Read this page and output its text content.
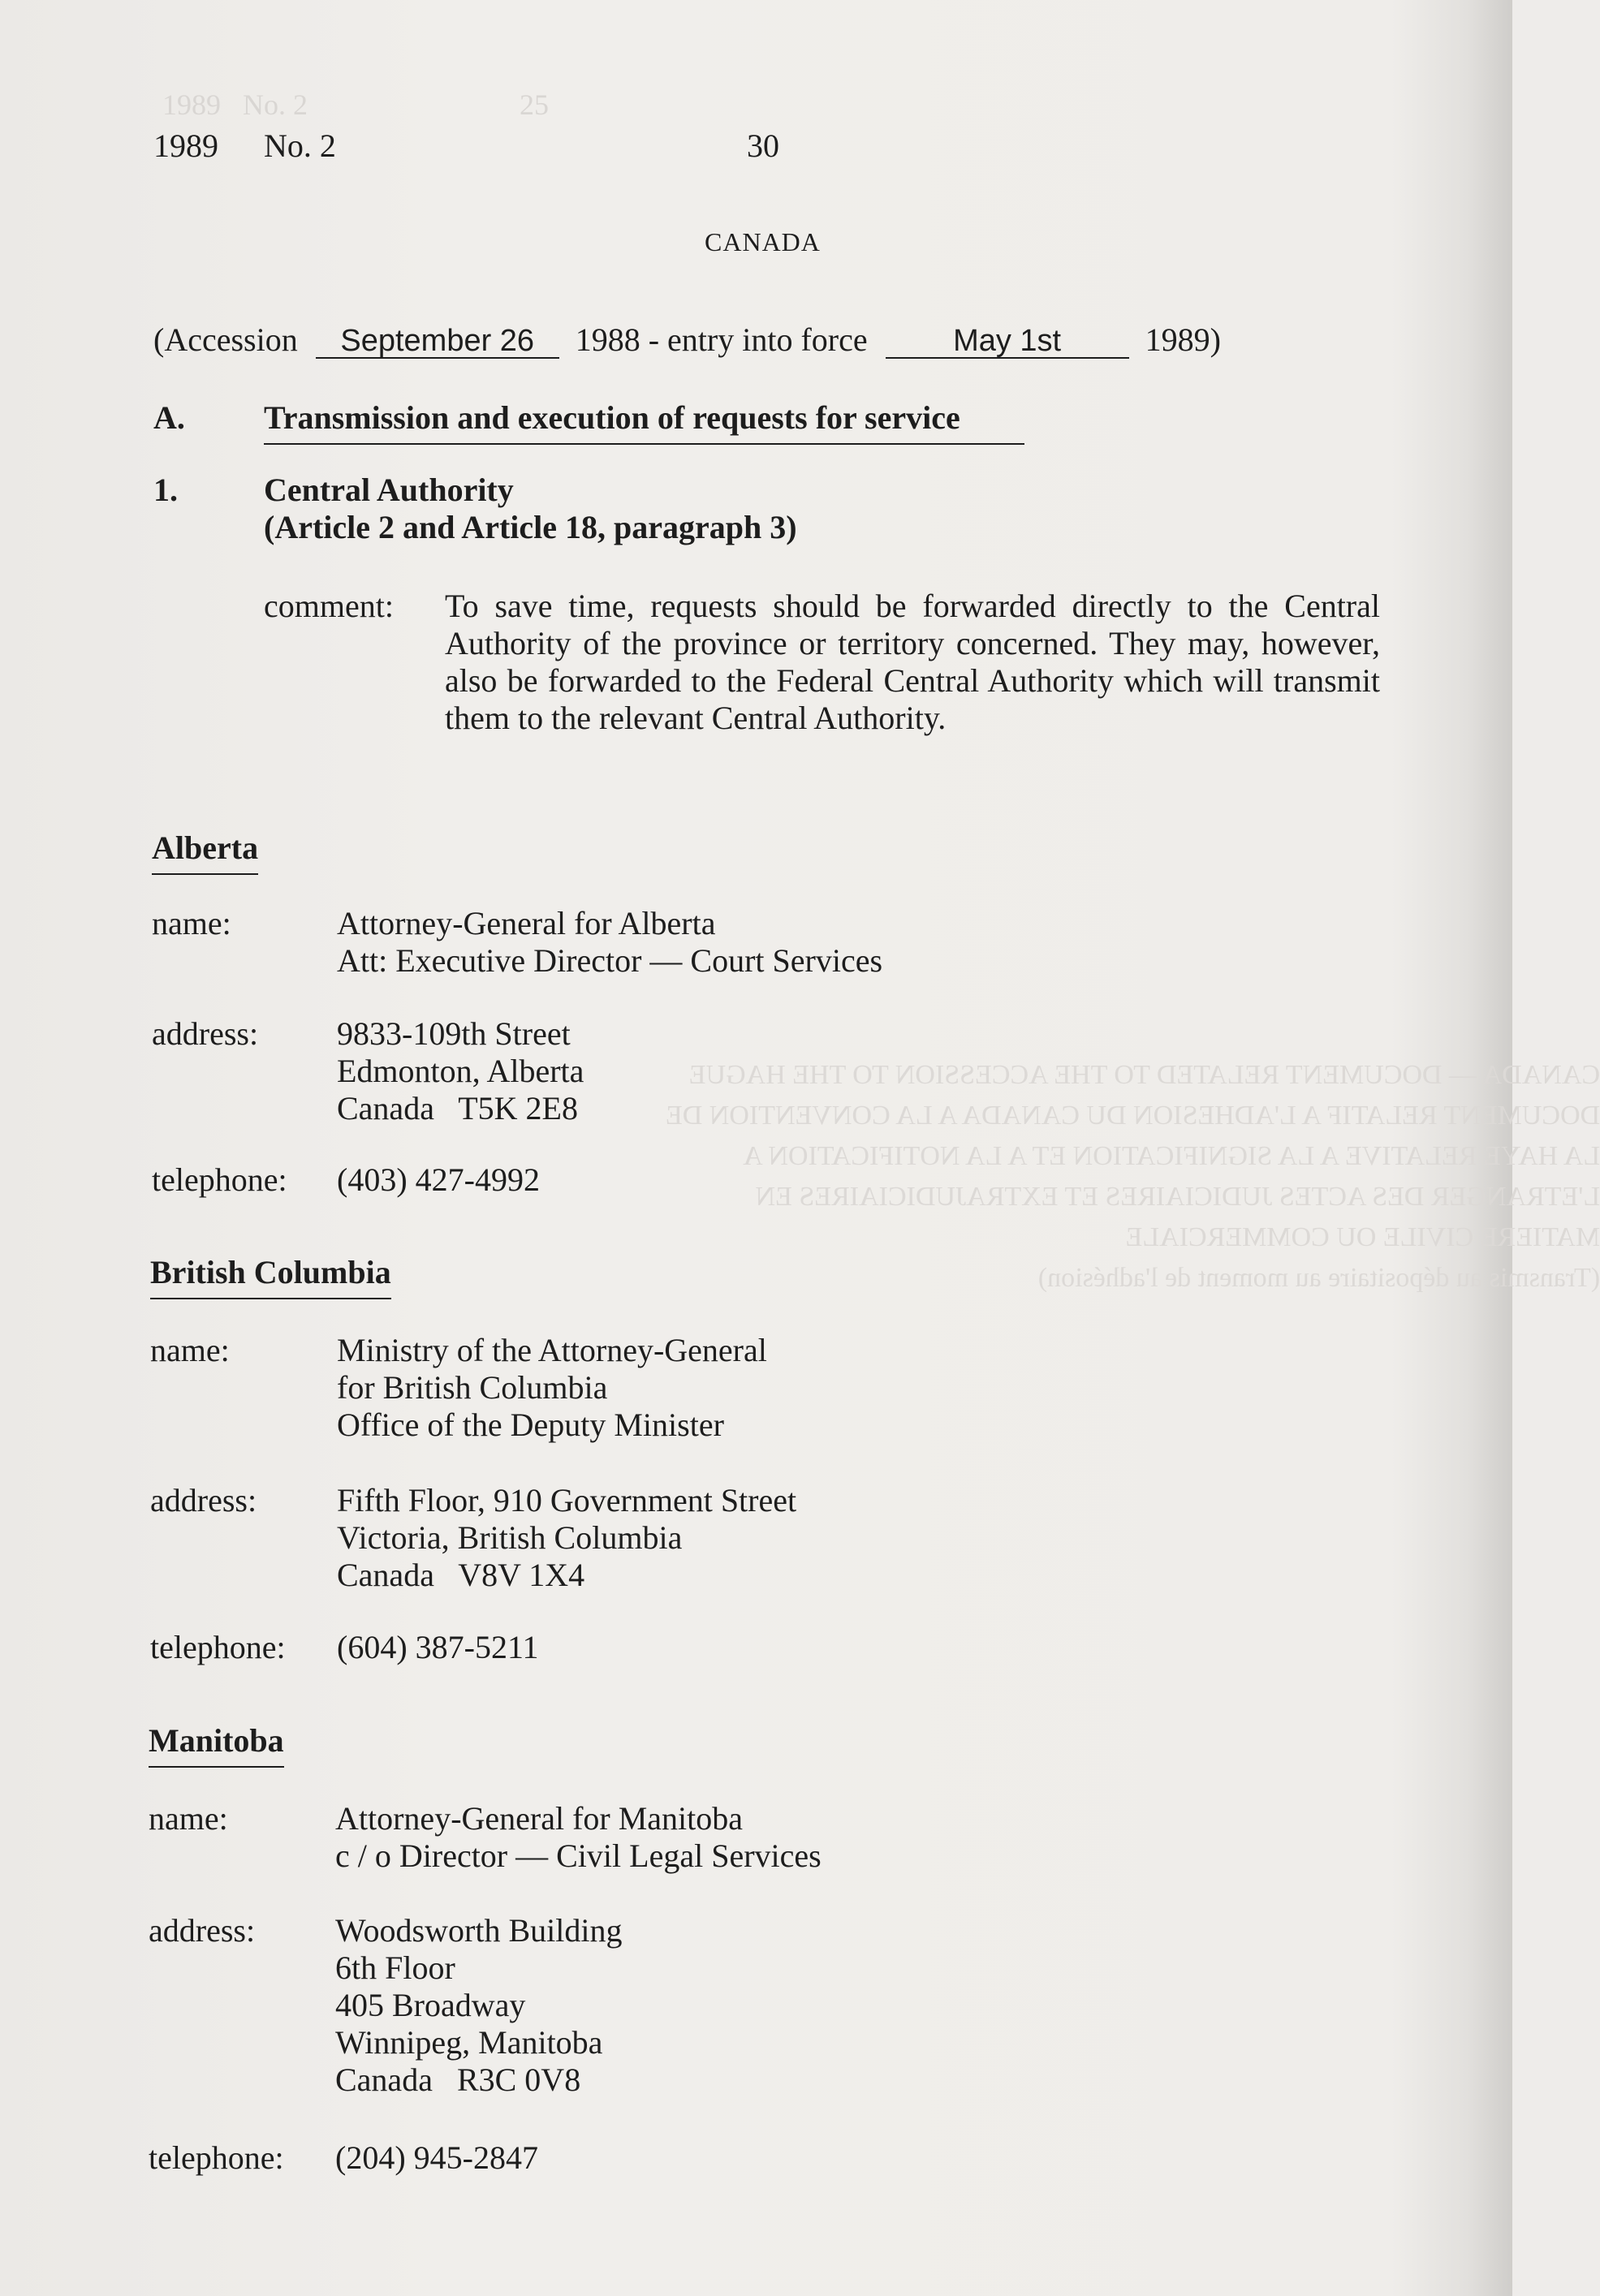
1989   No. 2                             25
CANADA — DOCUMENT RELATED TO THE ACCESSION TO THE HAGUE
DOCUMENT RELATIF A L'ADHESION DU CANADA A LA CONVENTION DE
LA HAYE RELATIVE A LA SIGNIFICATION ET A LA NOTIFICATION A
L'ETRANGER DES ACTES JUDICIAIRES ET EXTRAJUDICIAIRES EN
MATIERE CIVILE OU COMMERCIALE
(Transmis au dépositaire au moment de l'adhésion)
1989 No. 2	30
CANADA
(Accession September 26 1988 - entry into force	May 1st	1989)
A. Transmission and execution of requests for service
1.	Central Authority
(Article 2 and Article 18, paragraph 3)
comment: To save time, requests should be forwarded directly to the Central Authority of the province or territory concerned. They may, however, also be forwarded to the Federal Central Authority which will transmit them to the relevant Central Authority.
Alberta
name:	Attorney-General for Alberta
Att: Executive Director — Court Services
address: 9833-109th Street
Edmonton, Alberta
Canada   T5K 2E8
telephone: (403) 427-4992
British Columbia
name:	Ministry of the Attorney-General
for British Columbia
Office of the Deputy Minister
address: Fifth Floor, 910 Government Street
Victoria, British Columbia
Canada   V8V 1X4
telephone: (604) 387-5211
Manitoba
name:	Attorney-General for Manitoba
c / o Director — Civil Legal Services
address: Woodsworth Building
6th Floor
405 Broadway
Winnipeg, Manitoba
Canada   R3C 0V8
telephone: (204) 945-2847
